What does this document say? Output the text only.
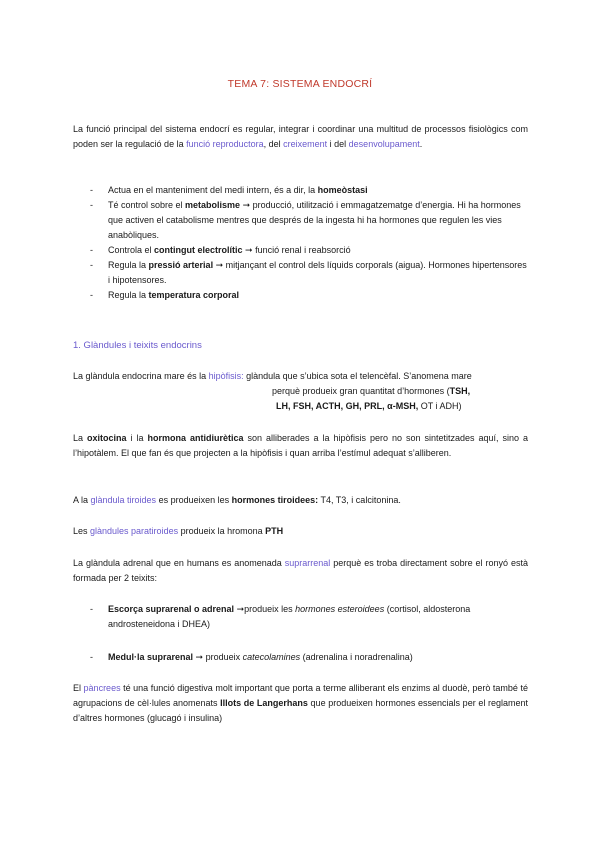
TEMA 7: SISTEMA ENDOCRÍ

La funció principal del sistema endocrí es regular, integrar i coordinar una multitud de processos fisiològics com poden ser la regulació de la funció reproductora, del creixement i del desenvolupament.

- Actua en el manteniment del medi intern, és a dir, la homeòstasi
- Té control sobre el metabolisme ➞ producció, utilització i emmagatzematge d’energia. Hi ha hormones que activen el catabolisme mentres que després de la ingesta hi ha hormones que regulen les vies anabòliques.
- Controla el contingut electrolític ➞ funció renal i reabsorció
- Regula la pressió arterial ➞ mitjançant el control dels líquids corporals (aigua). Hormones hipertensores i hipotensores.
- Regula la temperatura corporal
1. Glàndules i teixits endocrins

La glàndula endocrina mare és la hipòfisis: glàndula que s’ubica sota el telencèfal. S’anomena mare

perquè produeix gran quantitat d’hormones (TSH,
LH, FSH, ACTH, GH, PRL, α-MSH, OT i ADH)

La oxitocina i la hormona antidiurètica son alliberades a la hipòfisis pero no son sintetitzades aquí, sino a l’hipotàlem. El que fan és que projecten a la hipòfisis i quan arriba l’estímul adequat s’alliberen.

A la glàndula tiroides es produeixen les hormones tiroidees: T4, T3, i calcitonina.

Les glàndules paratiroides produeix la hromona PTH

La glàndula adrenal que en humans es anomenada suprarrenal perquè es troba directament sobre el ronyó està formada per 2 teixits:

- Escorça suprarenal o adrenal ➞produeix les hormones esteroidees (cortisol, aldosterona androsteneidona i DHEA)
- Medul·la suprarenal ➞ produeix catecolamines (adrenalina i noradrenalina)

El pàncrees té una funció digestiva molt important que porta a terme alliberant els enzims al duodè, però també té agrupacions de cèl·lules anomenats Illots de Langerhans que produeixen hormones essencials per el reglament d’altres hormones (glucagó i insulina)
